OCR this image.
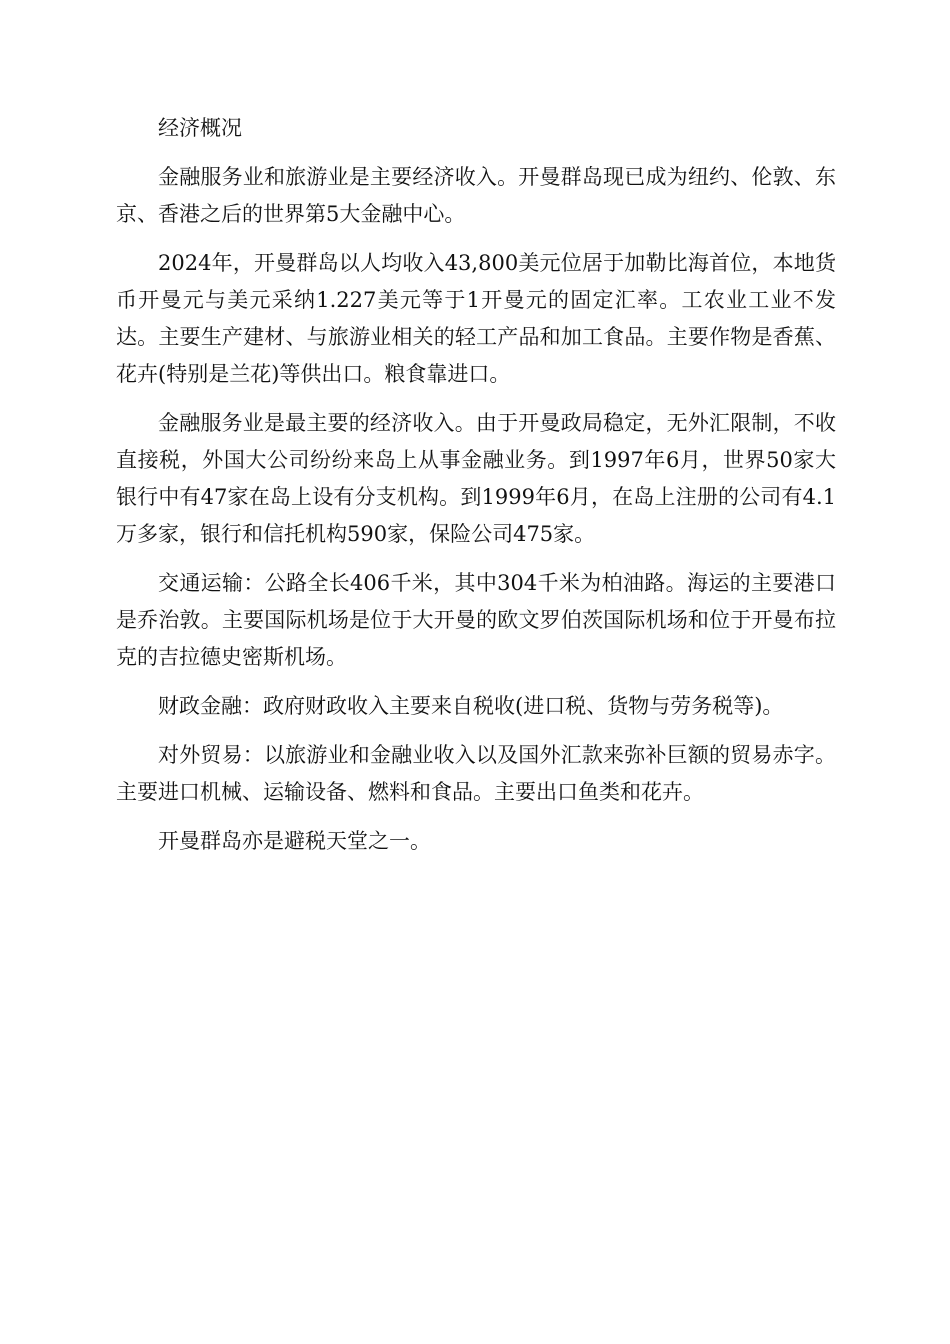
经济概况

金融服务业和旅游业是主要经济收入。开曼群岛现已成为纽约、伦敦、东京、香港之后的世界第5大金融中心。

2024年，开曼群岛以人均收入43,800美元位居于加勒比海首位，本地货币开曼元与美元采纳1.227美元等于1开曼元的固定汇率。工农业工业不发达。主要生产建材、与旅游业相关的轻工产品和加工食品。主要作物是香蕉、花卉(特别是兰花)等供出口。粮食靠进口。

金融服务业是最主要的经济收入。由于开曼政局稳定，无外汇限制，不收直接税，外国大公司纷纷来岛上从事金融业务。到1997年6月，世界50家大银行中有47家在岛上设有分支机构。到1999年6月，在岛上注册的公司有4.1万多家，银行和信托机构590家，保险公司475家。

交通运输：公路全长406千米，其中304千米为柏油路。海运的主要港口是乔治敦。主要国际机场是位于大开曼的欧文罗伯茨国际机场和位于开曼布拉克的吉拉德史密斯机场。

财政金融：政府财政收入主要来自税收(进口税、货物与劳务税等)。

对外贸易：以旅游业和金融业收入以及国外汇款来弥补巨额的贸易赤字。主要进口机械、运输设备、燃料和食品。主要出口鱼类和花卉。

开曼群岛亦是避税天堂之一。
